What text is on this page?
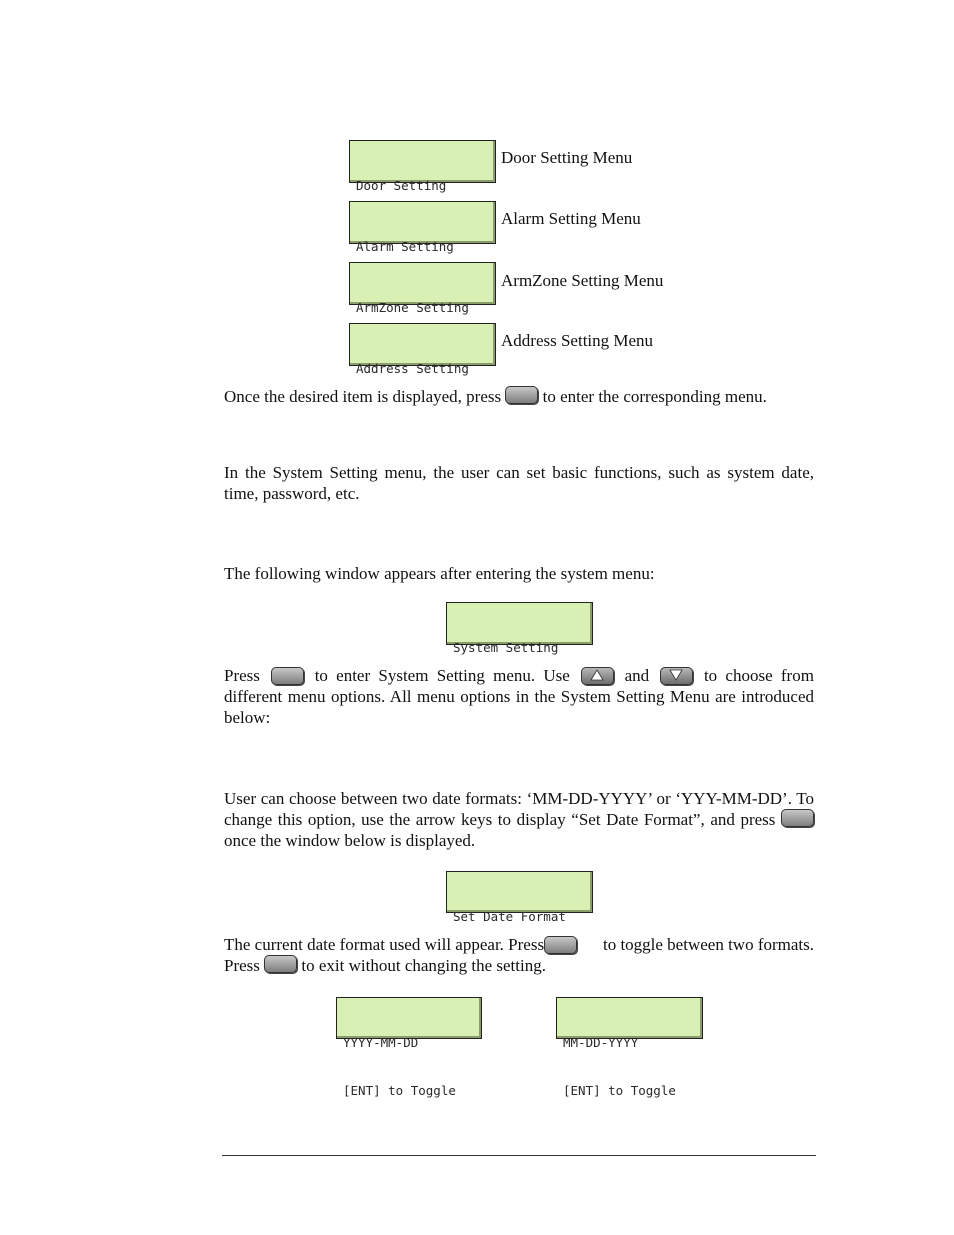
Door Setting

Door Setting Menu

Alarm Setting

Alarm Setting Menu

ArmZone Setting

ArmZone Setting Menu

Address Setting

Address Setting Menu
Once the desired item is displayed, press to enter the corresponding menu.
In the System Setting menu, the user can set basic functions, such as system date, time, password, etc.
The following window appears after entering the system menu:

System Setting

Press	to enter System Setting menu. Use	and	to choose from
different menu options. All menu options in the System Setting Menu are introduced below:
User can choose between two date formats: ‘MM-DD-YYYY’ or ‘YYY-MM-DD’. To change this option, use the arrow keys to display “Set Date Format”, and press  once the window below is displayed.

Set Date Format

The current date format used will appear. Press	to toggle between two formats.
Press to exit without changing the setting.

YYYY-MM-DD

[ENT] to Toggle

MM-DD-YYYY

[ENT] to Toggle
